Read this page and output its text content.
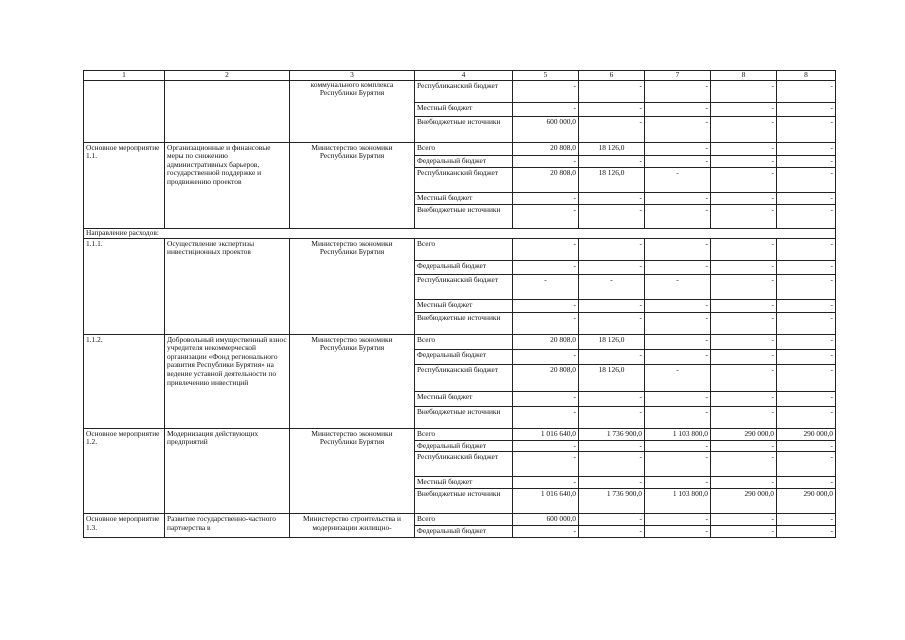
1	2	3	4	5	6	7	8	8
		коммунального комплекса Республики Бурятия	Республиканский бюджет	-	-	-	-	-
			Местный бюджет	-	-	-	-	-
			Внебюджетные источники	600 000,0	-	-	-	-
Основное мероприятие 1.1.	Организационные и финансовые меры по снижению административных барьеров, государственной поддержке и продвижению проектов	Министерство экономики Республики Бурятия	Всего	20 808,0	18 126,0	-	-	-
			Федеральный бюджет	-	-	-	-	-
			Республиканский бюджет	20 808,0	18 126,0	-	-	-
			Местный бюджет	-	-	-	-	-
			Внебюджетные источники	-	-	-	-	-
Направление расходов:								
1.1.1.	Осуществление экспертизы инвестиционных проектов	Министерство экономики Республики Бурятия	Всего	-	-	-	-	-
			Федеральный бюджет	-	-	-	-	-
			Республиканский бюджет	-	-	-	-	-
			Местный бюджет	-	-	-	-	-
			Внебюджетные источники	-	-	-	-	-
1.1.2.	Добровольный имущественный взнос учредителя некоммерческой организации «Фонд регионального развития Республики Бурятия» на ведение уставной деятельности по привлечению инвестиций	Министерство экономики Республики Бурятия	Всего	20 808,0	18 126,0	-	-	-
			Федеральный бюджет	-	-	-	-	-
			Республиканский бюджет	20 808,0	18 126,0	-	-	-
			Местный бюджет	-	-	-	-	-
			Внебюджетные источники	-	-	-	-	-
Основное мероприятие 1.2.	Модернизация действующих предприятий	Министерство экономики Республики Бурятия	Всего	1 016 640,0	1 736 900,0	1 103 800,0	290 000,0	290 000,0
			Федеральный бюджет	-	-	-	-	-
			Республиканский бюджет	-	-	-	-	-
			Местный бюджет	-	-	-	-	-
			Внебюджетные источники	1 016 640,0	1 736 900,0	1 103 800,0	290 000,0	290 000,0
Основное мероприятие 1.3.	Развитие государственно-частного партнерства в	Министерство строительства и модернизации жилищно-	Всего	600 000,0	-	-	-	-
			Федеральный бюджет	-	-	-	-	-
